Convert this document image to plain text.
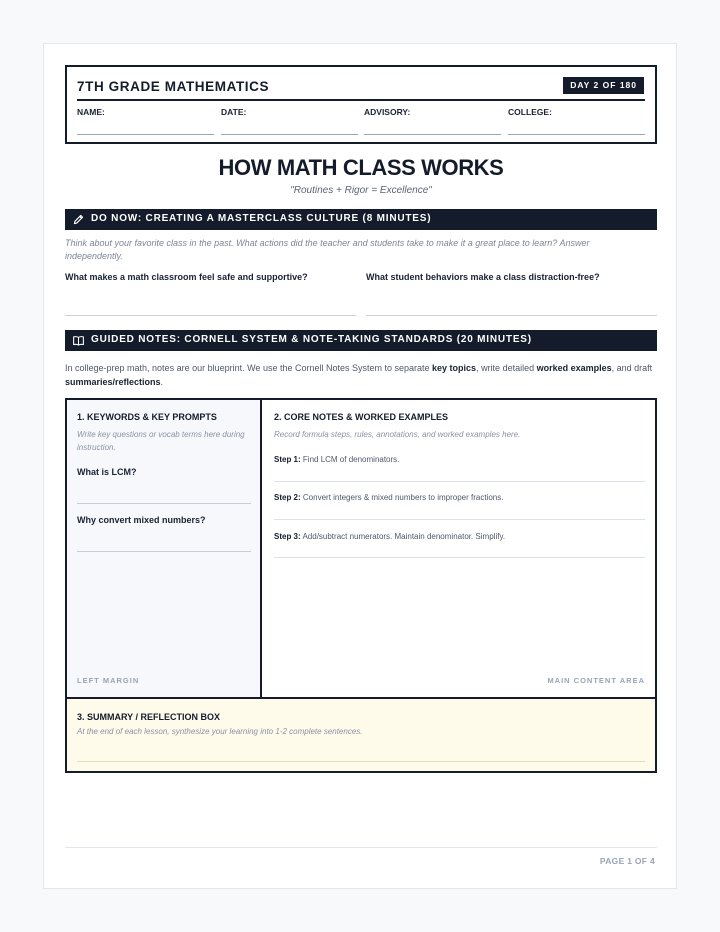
7TH GRADE MATHEMATICS	DAY 2 OF 180
NAME:	DATE:	ADVISORY:	COLLEGE:
HOW MATH CLASS WORKS
"Routines + Rigor = Excellence"
DO NOW: CREATING A MASTERCLASS CULTURE (8 MINUTES)
Think about your favorite class in the past. What actions did the teacher and students take to make it a great place to learn? Answer independently.
What makes a math classroom feel safe and supportive?	What student behaviors make a class distraction-free?
GUIDED NOTES: CORNELL SYSTEM & NOTE-TAKING STANDARDS (20 MINUTES)
In college-prep math, notes are our blueprint. We use the Cornell Notes System to separate key topics, write detailed worked examples, and draft summaries/reflections.
1. KEYWORDS & KEY PROMPTS
Write key questions or vocab terms here during instruction.
What is LCM?
Why convert mixed numbers?
LEFT MARGIN
2. CORE NOTES & WORKED EXAMPLES
Record formula steps, rules, annotations, and worked examples here.
Step 1: Find LCM of denominators.
Step 2: Convert integers & mixed numbers to improper fractions.
Step 3: Add/subtract numerators. Maintain denominator. Simplify.
MAIN CONTENT AREA
3. SUMMARY / REFLECTION BOX
At the end of each lesson, synthesize your learning into 1-2 complete sentences.
PAGE 1 OF 4
